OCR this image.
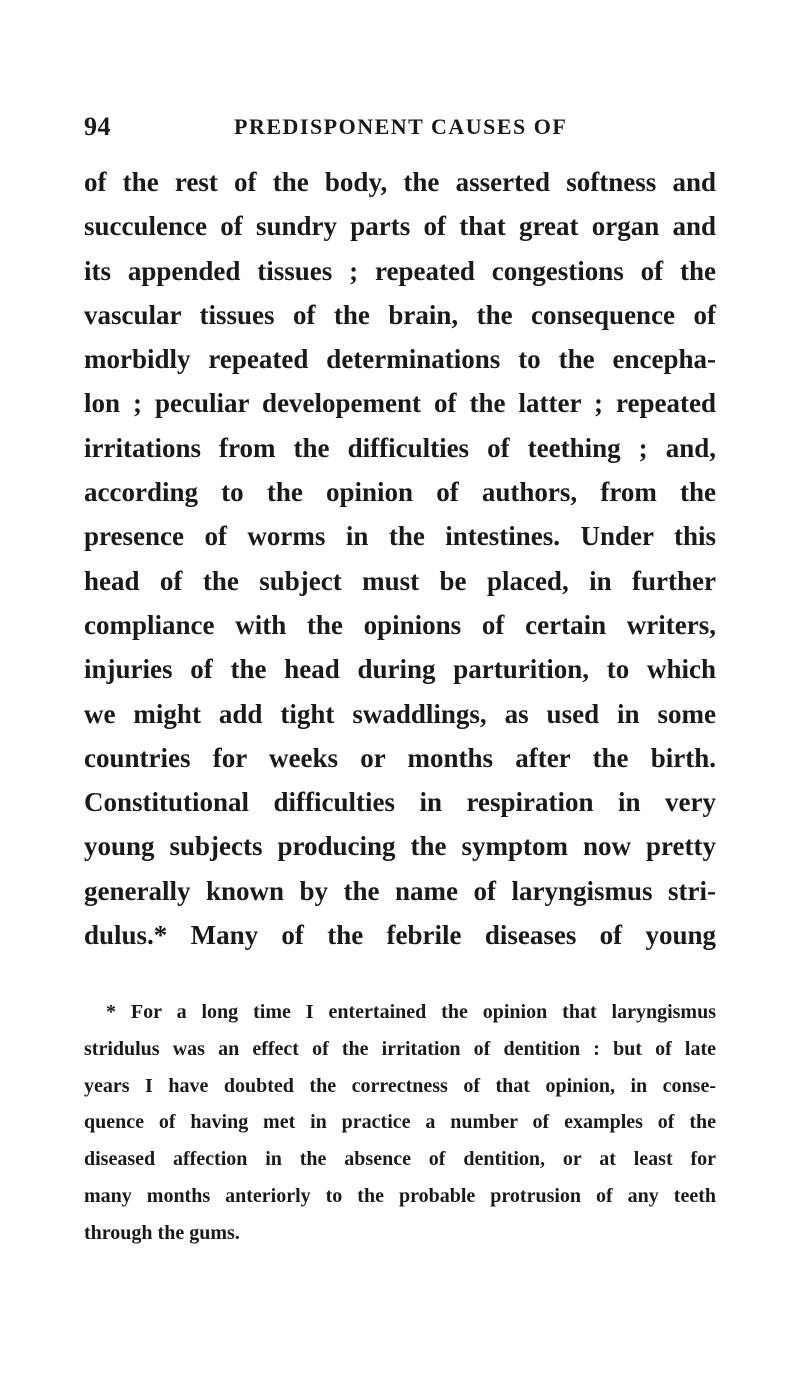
94	PREDISPONENT CAUSES OF
of the rest of the body, the asserted softness and
succulence of sundry parts of that great organ and
its appended tissues ; repeated congestions of the
vascular tissues of the brain, the consequence of
morbidly repeated determinations to the encepha-
lon ; peculiar developement of the latter ; repeated
irritations from the difficulties of teething ; and,
according to the opinion of authors, from the
presence of worms in the intestines. Under this
head of the subject must be placed, in further
compliance with the opinions of certain writers,
injuries of the head during parturition, to which
we might add tight swaddlings, as used in some
countries for weeks or months after the birth.
Constitutional difficulties in respiration in very
young subjects producing the symptom now pretty
generally known by the name of laryngismus stri-
dulus.* Many of the febrile diseases of young
* For a long time I entertained the opinion that laryngismus
stridulus was an effect of the irritation of dentition : but of late
years I have doubted the correctness of that opinion, in conse-
quence of having met in practice a number of examples of the
diseased affection in the absence of dentition, or at least for
many months anteriorly to the probable protrusion of any teeth
through the gums.
